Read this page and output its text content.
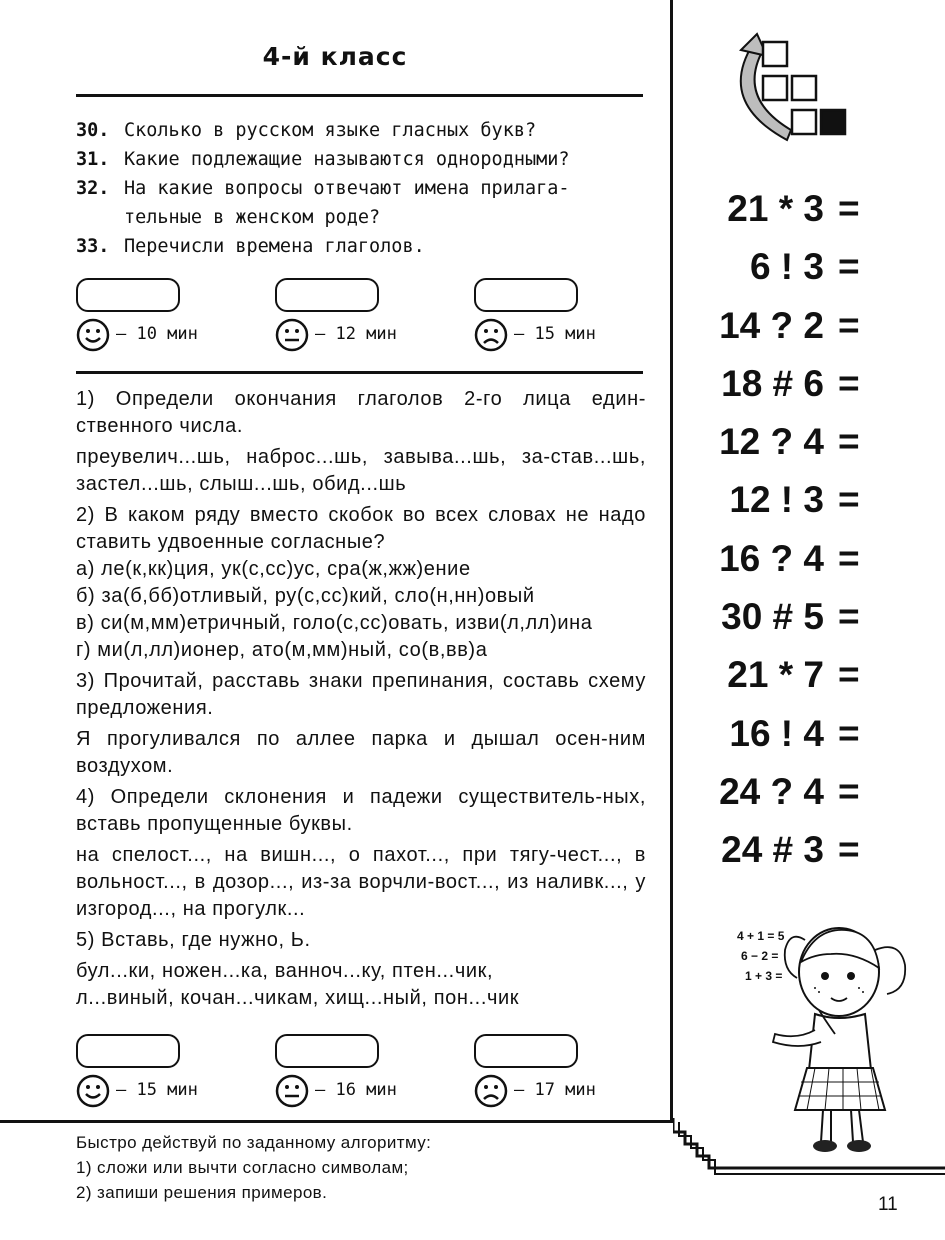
4-й класс
30. Сколько в русском языке гласных букв?
31. Какие подлежащие называются однородными?
32. На какие вопросы отвечают имена прилага-тельные в женском роде?
33. Перечисли времена глаголов.
— 10 мин	— 12 мин	— 15 мин

1) Определи окончания глаголов 2-го лица един-ственного числа.

преувелич...шь, наброс...шь, завыва...шь, за-став...шь, застел...шь, слыш...шь, обид...шь

2) В каком ряду вместо скобок во всех словах не надо ставить удвоенные согласные?

а) ле(к,кк)ция, ук(с,сс)ус, сра(ж,жж)ение

б) за(б,бб)отливый, ру(с,сс)кий, сло(н,нн)овый

в) си(м,мм)етричный, голо(с,сс)овать, изви(л,лл)ина

г) ми(л,лл)ионер, ато(м,мм)ный, со(в,вв)а

3) Прочитай, расставь знаки препинания, составь схему предложения.

Я прогуливался по аллее парка и дышал осен-ним воздухом.

4) Определи склонения и падежи существитель-ных, вставь пропущенные буквы.

на спелост..., на вишн..., о пахот..., при тягу-чест..., в вольност..., в дозор..., из-за ворчли-вост..., из наливк..., у изгород..., на прогулк...

5) Вставь, где нужно, Ь.

бул...ки, ножен...ка, ванноч...ку, птен...чик,

л...виный, кочан...чикам, хищ...ный, пон...чик

— 15 мин	— 16 мин	— 17 мин
21 * 3 =
6 ! 3 =
14 ? 2 =
18 # 6 =
12 ? 4 =
12 ! 3 =
16 ? 4 =
30 # 5 =
21 * 7 =
16 ! 4 =
24 ? 4 =
24 # 3 =
4 + 1 = 5
6 − 2 =
1 + 3 =
Быстро действуй по заданному алгоритму:
1) сложи или вычти согласно символам;
2) запиши решения примеров.
11
